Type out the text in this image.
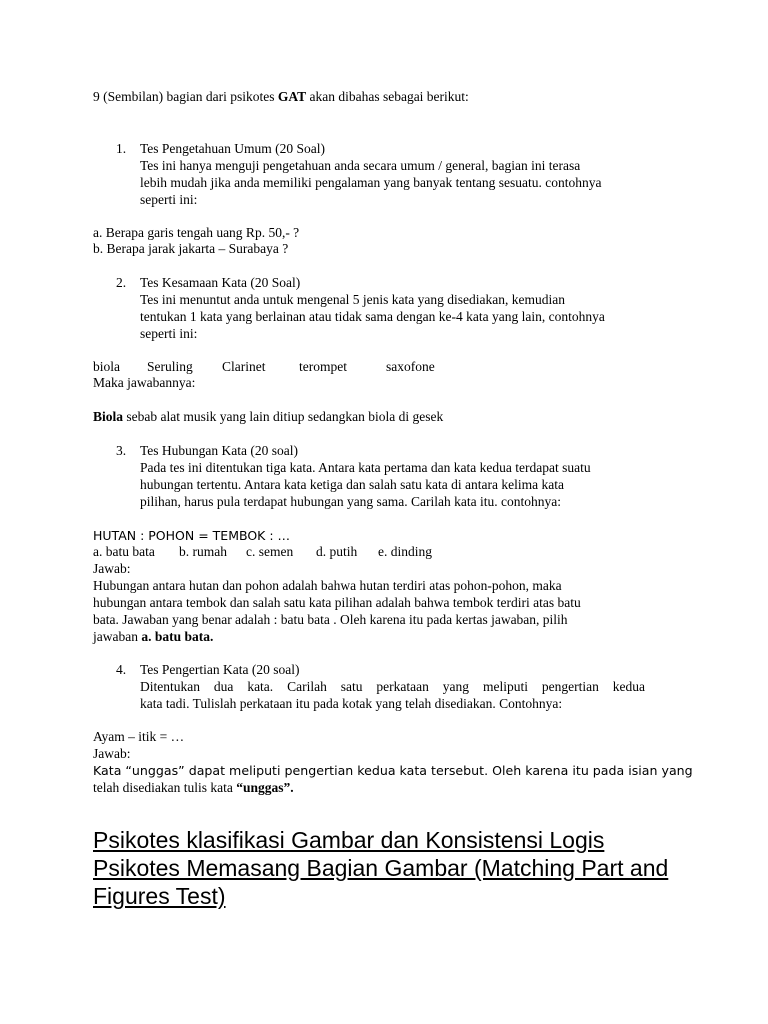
9 (Sembilan) bagian dari psikotes GAT akan dibahas sebagai berikut:
1. Tes Pengetahuan Umum (20 Soal)
Tes ini hanya menguji pengetahuan anda secara umum / general, bagian ini terasa
lebih mudah jika anda memiliki pengalaman yang banyak tentang sesuatu. contohnya
seperti ini:
a. Berapa garis tengah uang Rp. 50,- ?
b. Berapa jarak jakarta – Surabaya ?
2. Tes Kesamaan Kata (20 Soal)
Tes ini menuntut anda untuk mengenal 5 jenis kata yang disediakan, kemudian
tentukan 1 kata yang berlainan atau tidak sama dengan ke-4 kata yang lain, contohnya
seperti ini:
biola Seruling Clarinet terompet	saxofone
Maka jawabannya:
Biola sebab alat musik yang lain ditiup sedangkan biola di gesek
3. Tes Hubungan Kata (20 soal)
Pada tes ini ditentukan tiga kata. Antara kata pertama dan kata kedua terdapat suatu
hubungan tertentu. Antara kata ketiga dan salah satu kata di antara kelima kata
pilihan, harus pula terdapat hubungan yang sama. Carilah kata itu. contohnya:
HUTAN : POHON = TEMBOK : …
a. batu bata b. rumah c. semen d. putih e. dinding
Jawab:
Hubungan antara hutan dan pohon adalah bahwa hutan terdiri atas pohon-pohon, maka
hubungan antara tembok dan salah satu kata pilihan adalah bahwa tembok terdiri atas batu
bata. Jawaban yang benar adalah : batu bata . Oleh karena itu pada kertas jawaban, pilih
jawaban a. batu bata.
4. Tes Pengertian Kata (20 soal)
Ditentukan dua kata. Carilah satu perkataan yang meliputi pengertian kedua
kata tadi. Tulislah perkataan itu pada kotak yang telah disediakan. Contohnya:
Ayam – itik = …
Jawab:
Kata “unggas” dapat meliputi pengertian kedua kata tersebut. Oleh karena itu pada isian yang
telah disediakan tulis kata “unggas”.
Psikotes klasifikasi Gambar dan Konsistensi Logis
Psikotes Memasang Bagian Gambar (Matching Part and Figures Test)
